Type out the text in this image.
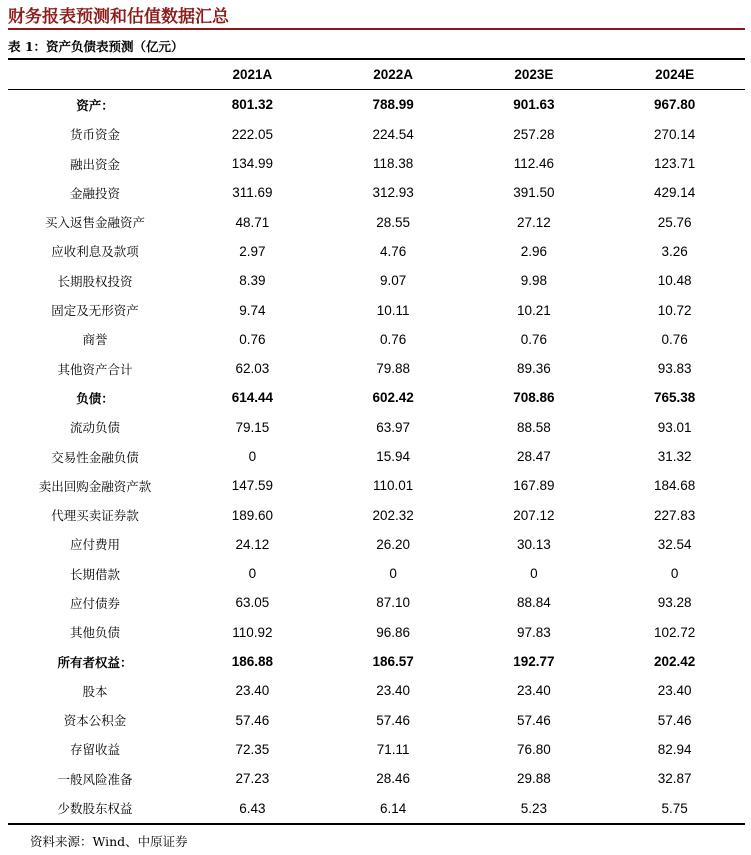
财务报表预测和估值数据汇总
表 1：资产负债表预测（亿元）
	2021A	2022A	2023E	2024E
资产：	801.32	788.99	901.63	967.80
货币资金	222.05	224.54	257.28	270.14
融出资金	134.99	118.38	112.46	123.71
金融投资	311.69	312.93	391.50	429.14
买入返售金融资产	48.71	28.55	27.12	25.76
应收利息及款项	2.97	4.76	2.96	3.26
长期股权投资	8.39	9.07	9.98	10.48
固定及无形资产	9.74	10.11	10.21	10.72
商誉	0.76	0.76	0.76	0.76
其他资产合计	62.03	79.88	89.36	93.83
负债：	614.44	602.42	708.86	765.38
流动负债	79.15	63.97	88.58	93.01
交易性金融负债	0	15.94	28.47	31.32
卖出回购金融资产款	147.59	110.01	167.89	184.68
代理买卖证券款	189.60	202.32	207.12	227.83
应付费用	24.12	26.20	30.13	32.54
长期借款	0	0	0	0
应付债券	63.05	87.10	88.84	93.28
其他负债	110.92	96.86	97.83	102.72
所有者权益：	186.88	186.57	192.77	202.42
股本	23.40	23.40	23.40	23.40
资本公积金	57.46	57.46	57.46	57.46
存留收益	72.35	71.11	76.80	82.94
一般风险准备	27.23	28.46	29.88	32.87
少数股东权益	6.43	6.14	5.23	5.75
资料来源：Wind、中原证券
